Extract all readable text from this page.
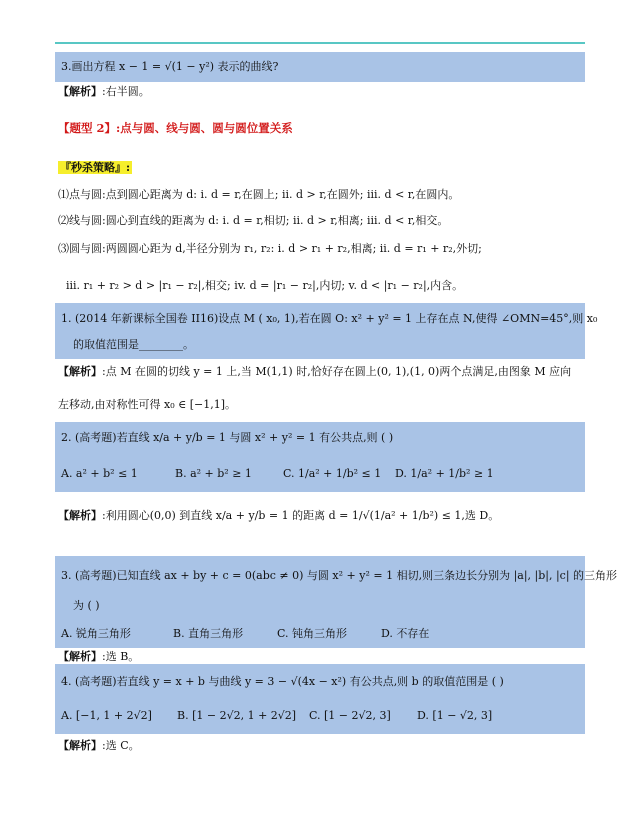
3.画出方程 x − 1 = √(1 − y²) 表示的曲线?
【解析】:右半圆。
【题型 2】:点与圆、线与圆、圆与圆位置关系
『秒杀策略』:
⑴点与圆:点到圆心距离为 d: i. d = r,在圆上; ii. d > r,在圆外; iii. d < r,在圆内。
⑵线与圆:圆心到直线的距离为 d: i. d = r,相切; ii. d > r,相离; iii. d < r,相交。
⑶圆与圆:两圆圆心距为 d,半径分别为 r₁, r₂: i. d > r₁ + r₂,相离; ii. d = r₁ + r₂,外切;
iii. r₁ + r₂ > d > |r₁ − r₂|,相交; iv. d = |r₁ − r₂|,内切; v. d < |r₁ − r₂|,内含。
1. (2014 年新课标全国卷 II16)设点 M ( x₀, 1),若在圆 O: x² + y² = 1 上存在点 N,使得 ∠OMN=45°,则 x₀
的取值范围是________。
【解析】:点 M 在圆的切线 y = 1 上,当 M(1,1) 时,恰好存在圆上(0, 1),(1, 0)两个点满足,由图象 M 应向
左移动,由对称性可得 x₀ ∈ [−1,1]。
2. (高考题)若直线 x/a + y/b = 1 与圆 x² + y² = 1 有公共点,则 ( )
A. a² + b² ≤ 1	B. a² + b² ≥ 1	C. 1/a² + 1/b² ≤ 1 D. 1/a² + 1/b² ≥ 1
【解析】:利用圆心(0,0) 到直线 x/a + y/b = 1 的距离 d = 1/√(1/a² + 1/b²) ≤ 1,选 D。
3. (高考题)已知直线 ax + by + c = 0(abc ≠ 0) 与圆 x² + y² = 1 相切,则三条边长分别为 |a|, |b|, |c| 的三角形
为 ( )
A. 锐角三角形	B. 直角三角形	C. 钝角三角形	D. 不存在
【解析】:选 B。
4. (高考题)若直线 y = x + b 与曲线 y = 3 − √(4x − x²) 有公共点,则 b 的取值范围是 ( )
A. [−1, 1 + 2√2] B. [1 − 2√2, 1 + 2√2] C. [1 − 2√2, 3] D. [1 − √2, 3]
【解析】:选 C。
